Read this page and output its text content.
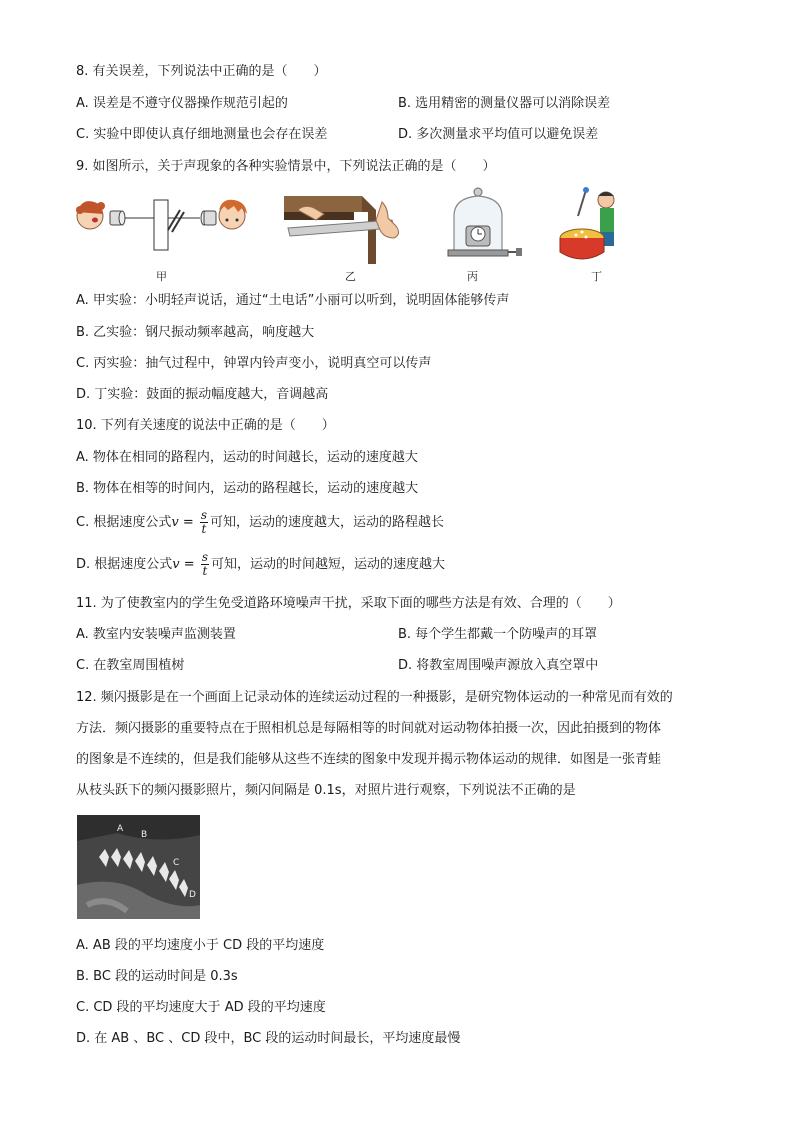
8. 有关误差，下列说法中正确的是（　　）
A. 误差是不遵守仪器操作规范引起的	B. 选用精密的测量仪器可以消除误差
C. 实验中即使认真仔细地测量也会存在误差	D. 多次测量求平均值可以避免误差
9. 如图所示，关于声现象的各种实验情景中，下列说法正确的是（　　）
甲	乙	丙	丁
A. 甲实验：小明轻声说话，通过“土电话”小丽可以听到，说明固体能够传声
B. 乙实验：钢尺振动频率越高，响度越大
C. 丙实验：抽气过程中，钟罩内铃声变小，说明真空可以传声
D. 丁实验：鼓面的振动幅度越大，音调越高
10. 下列有关速度的说法中正确的是（　　）
A. 物体在相同的路程内，运动的时间越长，运动的速度越大
B. 物体在相等的时间内，运动的路程越长，运动的速度越大
C. 根据速度公式$v = \frac{s}{t}$ 可知，运动的速度越大，运动的路程越长
D. 根据速度公式$v = \frac{s}{t}$ 可知，运动的时间越短，运动的速度越大
11. 为了使教室内的学生免受道路环境噪声干扰，采取下面的哪些方法是有效、合理的（　　）
A. 教室内安装噪声监测装置	B. 每个学生都戴一个防噪声的耳罩
C. 在教室周围植树	D. 将教室周围噪声源放入真空罩中
12. 频闪摄影是在一个画面上记录动体的连续运动过程的一种摄影，是研究物体运动的一种常见而有效的
方法．频闪摄影的重要特点在于照相机总是每隔相等的时间就对运动物体拍摄一次，因此拍摄到的物体
的图象是不连续的，但是我们能够从这些不连续的图象中发现并揭示物体运动的规律．如图是一张青蛙
从枝头跃下的频闪摄影照片，频闪间隔是 0.1s，对照片进行观察，下列说法不正确的是
A
B
C
D
A. AB 段的平均速度小于 CD 段的平均速度
B. BC 段的运动时间是 0.3s
C. CD 段的平均速度大于 AD 段的平均速度
D. 在 AB 、BC 、CD 段中，BC 段的运动时间最长，平均速度最慢
